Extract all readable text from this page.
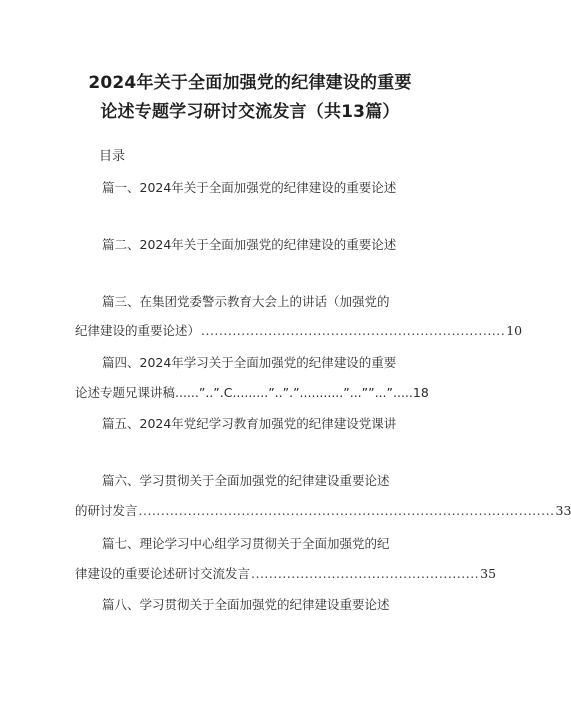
2024年关于全面加强党的纪律建设的重要
论述专题学习研讨交流发言（共13篇）
目录
篇一、2024年关于全面加强党的纪律建设的重要论述
篇二、2024年关于全面加强党的纪律建设的重要论述
篇三、在集团党委警示教育大会上的讲话（加强党的
纪律建设的重要论述） .................................................................... 10
篇四、2024年学习关于全面加强党的纪律建设的重要
论述专题兄课讲稿......”..”.C.........”..”.”...........”...””...”.....18
篇五、2024年党纪学习教育加强党的纪律建设党课讲
篇六、学习贯彻关于全面加强党的纪律建设重要论述
的研讨发言 ............................................................................................. 33
篇七、理论学习中心组学习贯彻关于全面加强党的纪
律建设的重要论述研讨交流发言 ................................................... 35
篇八、学习贯彻关于全面加强党的纪律建设重要论述
